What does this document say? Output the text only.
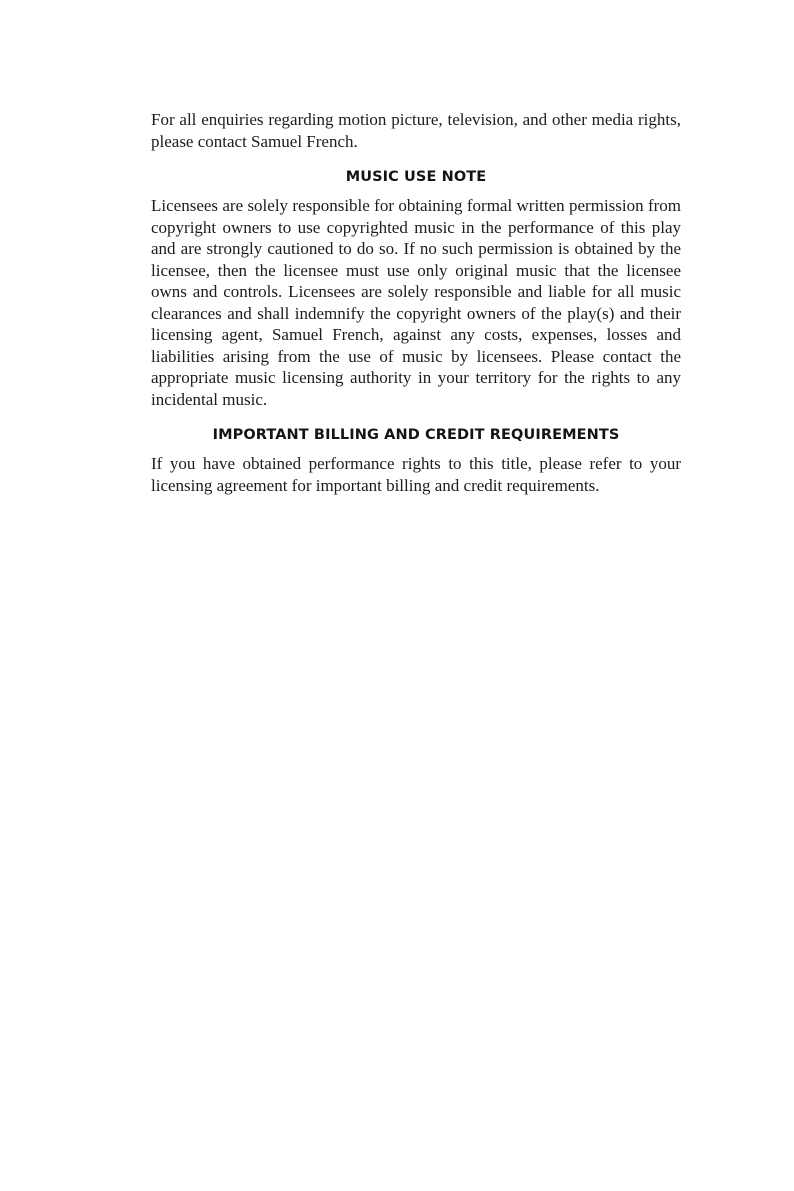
For all enquiries regarding motion picture, television, and other media rights, please contact Samuel French.

MUSIC USE NOTE

Licensees are solely responsible for obtaining formal written permission from copyright owners to use copyrighted music in the performance of this play and are strongly cautioned to do so. If no such permission is obtained by the licensee, then the licensee must use only original music that the licensee owns and controls. Licensees are solely responsible and liable for all music clearances and shall indemnify the copyright owners of the play(s) and their licensing agent, Samuel French, against any costs, expenses, losses and liabilities arising from the use of music by licensees. Please contact the appropriate music licensing authority in your territory for the rights to any incidental music.

IMPORTANT BILLING AND CREDIT REQUIREMENTS

If you have obtained performance rights to this title, please refer to your licensing agreement for important billing and credit requirements.
